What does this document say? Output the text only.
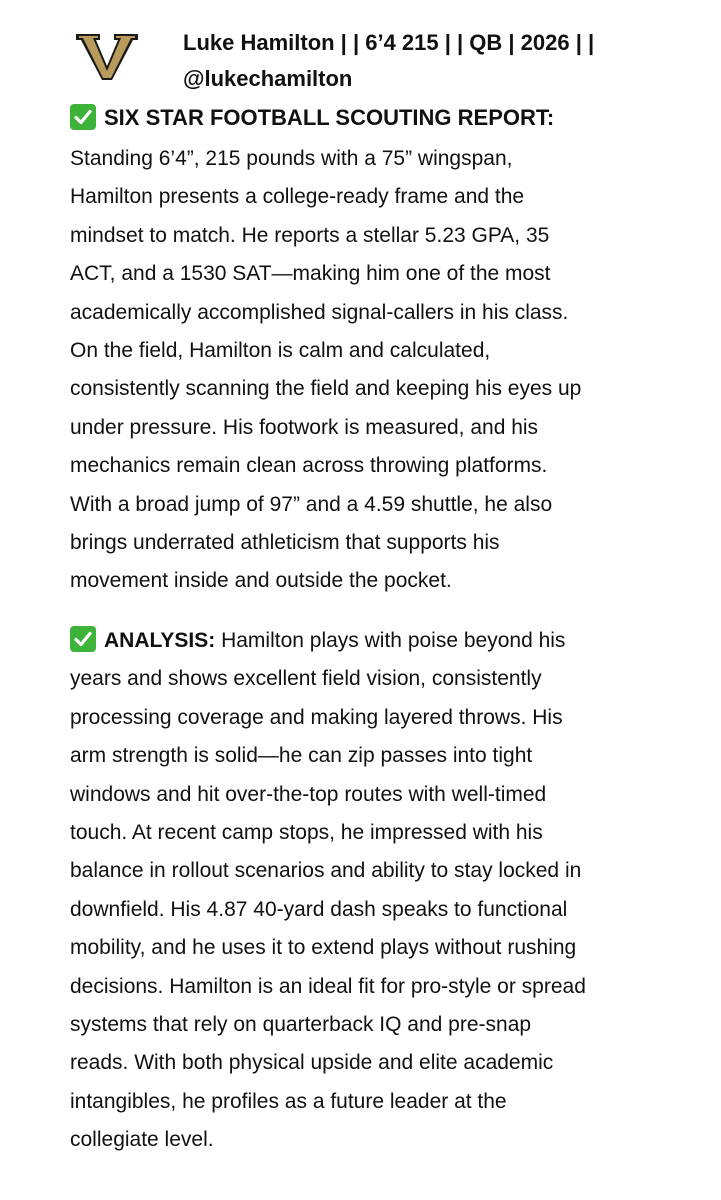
Luke Hamilton | | 6’4 215 | | QB | 2026 | |
@lukechamilton
SIX STAR FOOTBALL SCOUTING REPORT:

Standing 6’4”, 215 pounds with a 75” wingspan,
Hamilton presents a college-ready frame and the
mindset to match. He reports a stellar 5.23 GPA, 35
ACT, and a 1530 SAT—making him one of the most
academically accomplished signal-callers in his class.
On the field, Hamilton is calm and calculated,
consistently scanning the field and keeping his eyes up
under pressure. His footwork is measured, and his
mechanics remain clean across throwing platforms.
With a broad jump of 97” and a 4.59 shuttle, he also
brings underrated athleticism that supports his
movement inside and outside the pocket.

ANALYSIS: Hamilton plays with poise beyond his
years and shows excellent field vision, consistently
processing coverage and making layered throws. His
arm strength is solid—he can zip passes into tight
windows and hit over-the-top routes with well-timed
touch. At recent camp stops, he impressed with his
balance in rollout scenarios and ability to stay locked in
downfield. His 4.87 40-yard dash speaks to functional
mobility, and he uses it to extend plays without rushing
decisions. Hamilton is an ideal fit for pro-style or spread
systems that rely on quarterback IQ and pre-snap
reads. With both physical upside and elite academic
intangibles, he profiles as a future leader at the
collegiate level.
